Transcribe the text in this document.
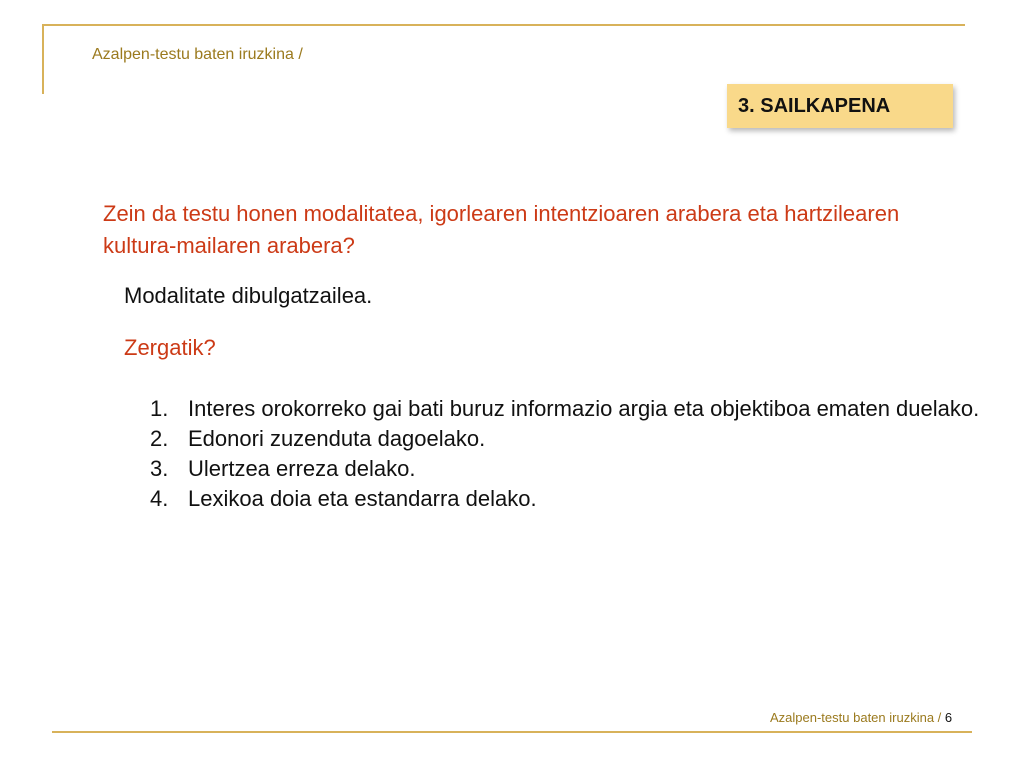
Azalpen-testu baten iruzkina /
3. SAILKAPENA
Zein da testu honen modalitatea, igorlearen intentzioaren arabera eta hartzilearen kultura-mailaren arabera?
Modalitate dibulgatzailea.
Zergatik?
1. Interes orokorreko gai bati buruz informazio argia eta objektiboa ematen duelako.
2. Edonori zuzenduta dagoelako.
3. Ulertzea erreza delako.
4. Lexikoa doia eta estandarra delako.
Azalpen-testu baten iruzkina / 6
